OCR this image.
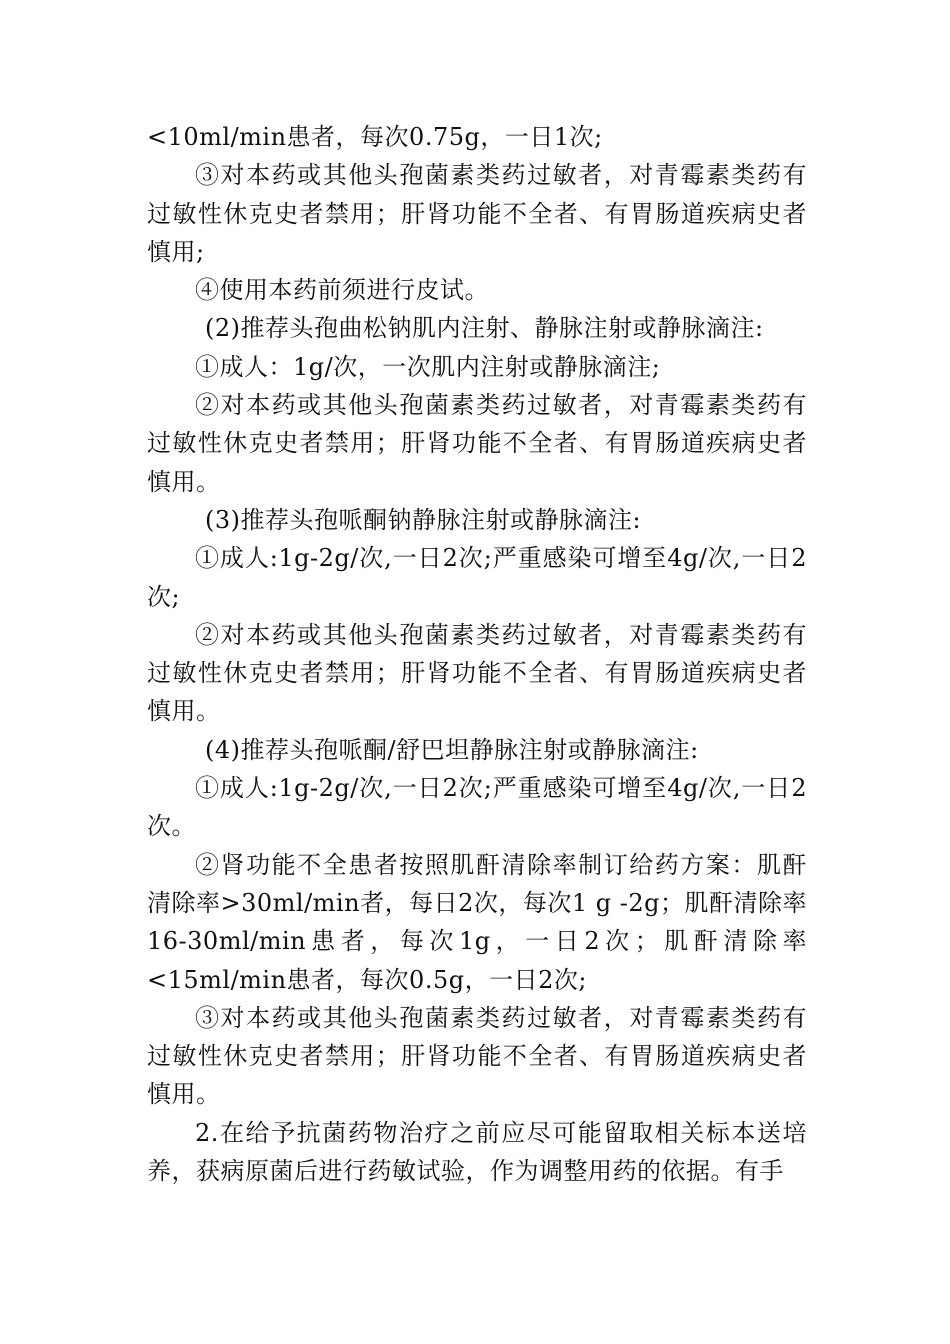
<10ml/min患者，每次0.75g，一日1次;

③对本药或其他头孢菌素类药过敏者，对青霉素类药有过敏性休克史者禁用；肝肾功能不全者、有胃肠道疾病史者慎用;

④使用本药前须进行皮试。

(2)推荐头孢曲松钠肌内注射、静脉注射或静脉滴注:

①成人：1g/次，一次肌内注射或静脉滴注;

②对本药或其他头孢菌素类药过敏者，对青霉素类药有过敏性休克史者禁用；肝肾功能不全者、有胃肠道疾病史者慎用。

(3)推荐头孢哌酮钠静脉注射或静脉滴注:

①成人:1g-2g/次,一日2次;严重感染可增至4g/次,一日2次;

②对本药或其他头孢菌素类药过敏者，对青霉素类药有过敏性休克史者禁用；肝肾功能不全者、有胃肠道疾病史者慎用。

(4)推荐头孢哌酮/舒巴坦静脉注射或静脉滴注:

①成人:1g-2g/次,一日2次;严重感染可增至4g/次,一日2次。

②肾功能不全患者按照肌酐清除率制订给药方案：肌酐清除率>30ml/min者，每日2次，每次1 g -2g；肌酐清除率16-30ml/min患者，每次1g，一日2次；肌酐清除率<15ml/min患者，每次0.5g，一日2次;

③对本药或其他头孢菌素类药过敏者，对青霉素类药有过敏性休克史者禁用；肝肾功能不全者、有胃肠道疾病史者慎用。

2.在给予抗菌药物治疗之前应尽可能留取相关标本送培养，获病原菌后进行药敏试验，作为调整用药的依据。有手
